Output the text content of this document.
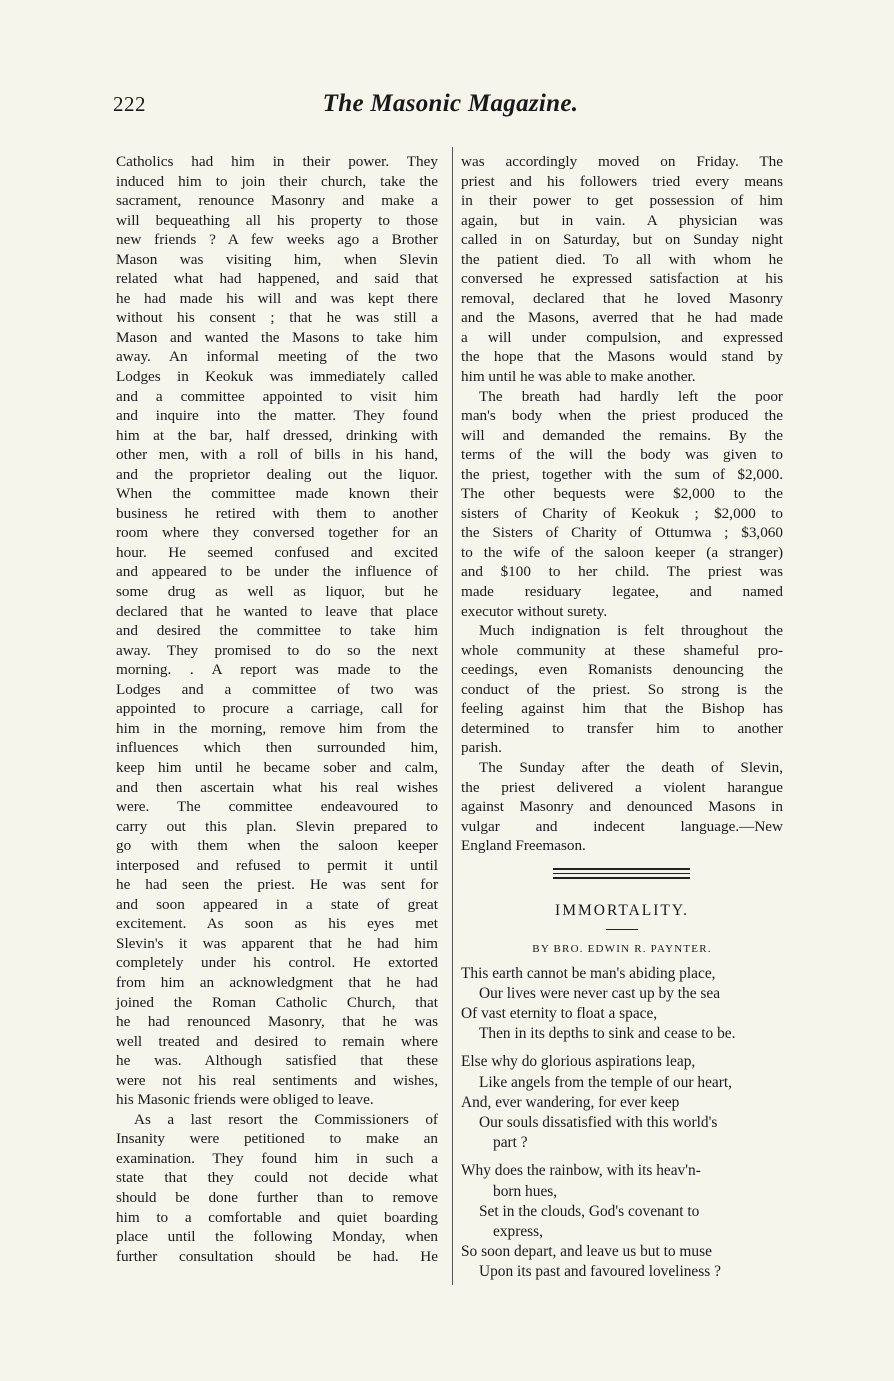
222	The Masonic Magazine.
Catholics had him in their power. They
induced him to join their church, take the
sacrament, renounce Masonry and make a
will bequeathing all his property to those
new friends ? A few weeks ago a Brother
Mason was visiting him, when Slevin
related what had happened, and said that
he had made his will and was kept there
without his consent ; that he was still a
Mason and wanted the Masons to take him
away. An informal meeting of the two
Lodges in Keokuk was immediately called
and a committee appointed to visit him
and inquire into the matter. They found
him at the bar, half dressed, drinking with
other men, with a roll of bills in his hand,
and the proprietor dealing out the liquor.
When the committee made known their
business he retired with them to another
room where they conversed together for an
hour. He seemed confused and excited
and appeared to be under the influence of
some drug as well as liquor, but he
declared that he wanted to leave that place
and desired the committee to take him
away. They promised to do so the next
morning. . A report was made to the
Lodges and a committee of two was
appointed to procure a carriage, call for
him in the morning, remove him from the
influences which then surrounded him,
keep him until he became sober and calm,
and then ascertain what his real wishes
were. The committee endeavoured to
carry out this plan. Slevin prepared to
go with them when the saloon keeper
interposed and refused to permit it until
he had seen the priest. He was sent for
and soon appeared in a state of great
excitement. As soon as his eyes met
Slevin's it was apparent that he had him
completely under his control. He extorted
from him an acknowledgment that he had
joined the Roman Catholic Church, that
he had renounced Masonry, that he was
well treated and desired to remain where
he was. Although satisfied that these
were not his real sentiments and wishes,
his Masonic friends were obliged to leave.
As a last resort the Commissioners of
Insanity were petitioned to make an
examination. They found him in such a
state that they could not decide what
should be done further than to remove
him to a comfortable and quiet boarding
place until the following Monday, when
further consultation should be had. He
was accordingly moved on Friday. The
priest and his followers tried every means
in their power to get possession of him
again, but in vain. A physician was
called in on Saturday, but on Sunday night
the patient died. To all with whom he
conversed he expressed satisfaction at his
removal, declared that he loved Masonry
and the Masons, averred that he had made
a will under compulsion, and expressed
the hope that the Masons would stand by
him until he was able to make another.
The breath had hardly left the poor
man's body when the priest produced the
will and demanded the remains. By the
terms of the will the body was given to
the priest, together with the sum of $2,000.
The other bequests were $2,000 to the
sisters of Charity of Keokuk ; $2,000 to
the Sisters of Charity of Ottumwa ; $3,060
to the wife of the saloon keeper (a stranger)
and $100 to her child. The priest was
made residuary legatee, and named
executor without surety.
Much indignation is felt throughout the
whole community at these shameful pro-
ceedings, even Romanists denouncing the
conduct of the priest. So strong is the
feeling against him that the Bishop has
determined to transfer him to another
parish.
The Sunday after the death of Slevin,
the priest delivered a violent harangue
against Masonry and denounced Masons in
vulgar and indecent language.—New
England Freemason.
IMMORTALITY.
BY BRO. EDWIN R. PAYNTER.
This earth cannot be man's abiding place,
Our lives were never cast up by the sea
Of vast eternity to float a space,
Then in its depths to sink and cease to be.
Else why do glorious aspirations leap,
Like angels from the temple of our heart,
And, ever wandering, for ever keep
Our souls dissatisfied with this world's
part ?
Why does the rainbow, with its heav'n-
born hues,
Set in the clouds, God's covenant to
express,
So soon depart, and leave us but to muse
Upon its past and favoured loveliness ?
